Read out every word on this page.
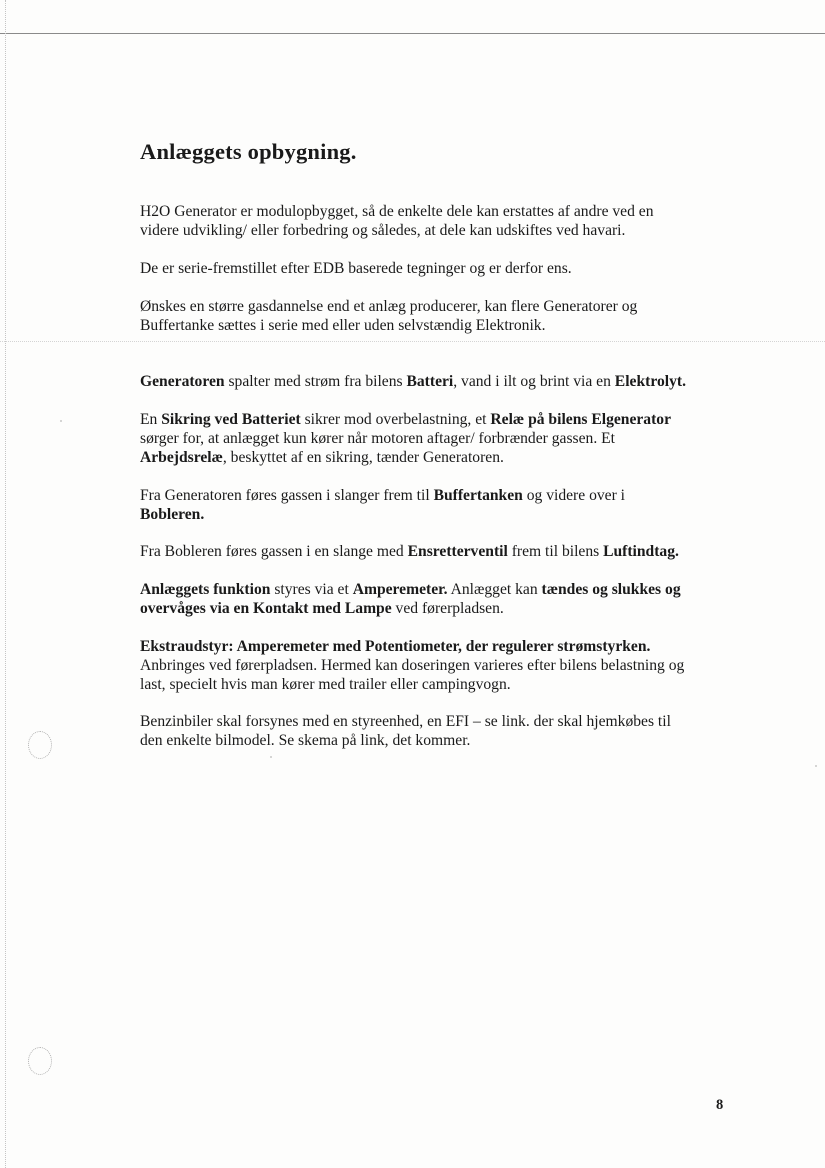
Anlæggets opbygning.

H2O Generator er modulopbygget, så de enkelte dele kan erstattes af andre ved en
videre udvikling/ eller forbedring og således, at dele kan udskiftes ved havari.

De er serie-fremstillet efter EDB baserede tegninger og er derfor ens.

Ønskes en større gasdannelse end et anlæg producerer, kan flere Generatorer og
Buffertanke sættes i serie med eller uden selvstændig Elektronik.

Generatoren spalter med strøm fra bilens Batteri, vand i ilt og brint via en Elektrolyt.

En Sikring ved Batteriet sikrer mod overbelastning, et Relæ på bilens Elgenerator
sørger for, at anlægget kun kører når motoren aftager/ forbrænder gassen. Et
Arbejdsrelæ, beskyttet af en sikring, tænder Generatoren.

Fra Generatoren føres gassen i slanger frem til Buffertanken og videre over i
Bobleren.

Fra Bobleren føres gassen i en slange med Ensretterventil frem til bilens Luftindtag.

Anlæggets funktion styres via et Amperemeter. Anlægget kan tændes og slukkes og
overvåges via en Kontakt med Lampe ved førerpladsen.

Ekstraudstyr: Amperemeter med Potentiometer, der regulerer strømstyrken.
Anbringes ved førerpladsen. Hermed kan doseringen varieres efter bilens belastning og
last, specielt hvis man kører med trailer eller campingvogn.

Benzinbiler skal forsynes med en styreenhed, en EFI – se link. der skal hjemkøbes til
den enkelte bilmodel. Se skema på link, det kommer.

8
